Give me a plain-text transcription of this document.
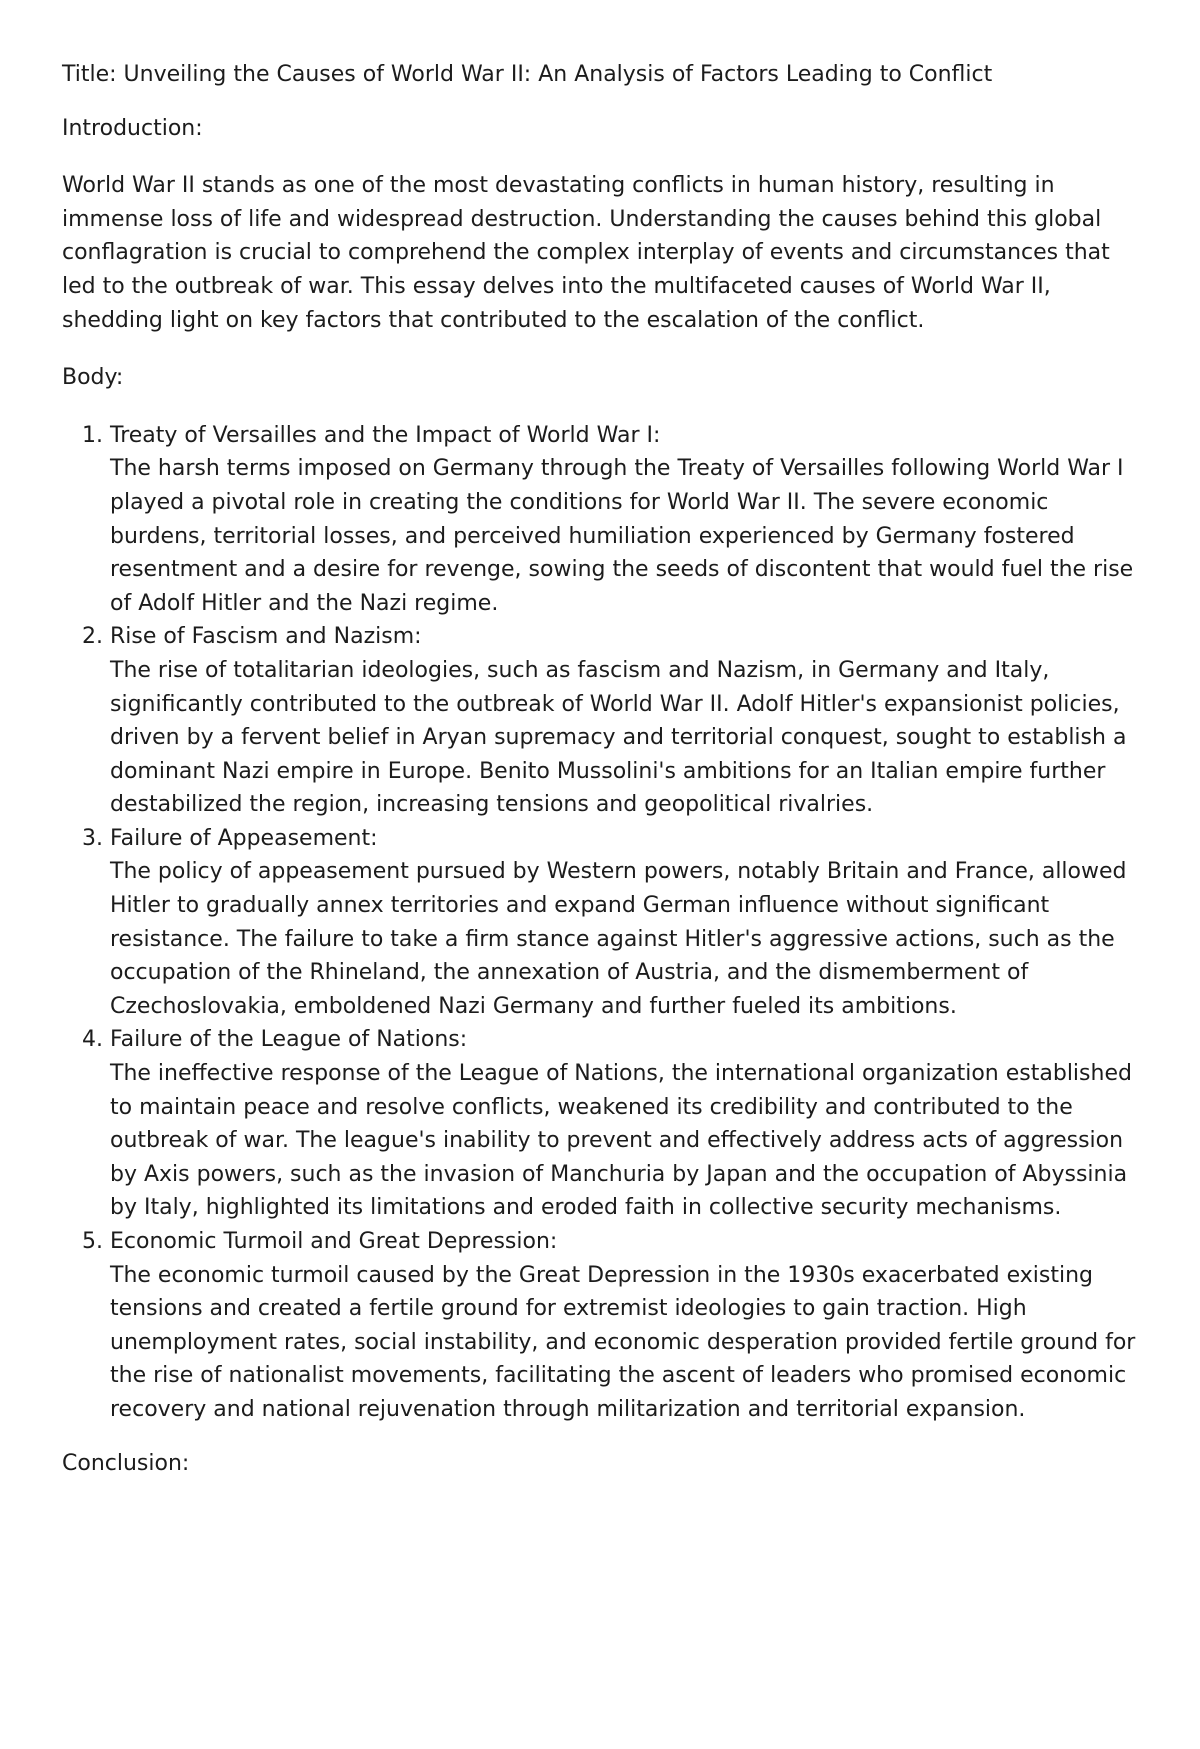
Title: Unveiling the Causes of World War II: An Analysis of Factors Leading to Conflict

Introduction:

World War II stands as one of the most devastating conflicts in human history, resulting in immense loss of life and widespread destruction. Understanding the causes behind this global conflagration is crucial to comprehend the complex interplay of events and circumstances that led to the outbreak of war. This essay delves into the multifaceted causes of World War II, shedding light on key factors that contributed to the escalation of the conflict.

Body:

1. Treaty of Versailles and the Impact of World War I:
The harsh terms imposed on Germany through the Treaty of Versailles following World War I played a pivotal role in creating the conditions for World War II. The severe economic burdens, territorial losses, and perceived humiliation experienced by Germany fostered resentment and a desire for revenge, sowing the seeds of discontent that would fuel the rise of Adolf Hitler and the Nazi regime.
2. Rise of Fascism and Nazism:
The rise of totalitarian ideologies, such as fascism and Nazism, in Germany and Italy, significantly contributed to the outbreak of World War II. Adolf Hitler's expansionist policies, driven by a fervent belief in Aryan supremacy and territorial conquest, sought to establish a dominant Nazi empire in Europe. Benito Mussolini's ambitions for an Italian empire further destabilized the region, increasing tensions and geopolitical rivalries.
3. Failure of Appeasement:
The policy of appeasement pursued by Western powers, notably Britain and France, allowed Hitler to gradually annex territories and expand German influence without significant resistance. The failure to take a firm stance against Hitler's aggressive actions, such as the occupation of the Rhineland, the annexation of Austria, and the dismemberment of Czechoslovakia, emboldened Nazi Germany and further fueled its ambitions.
4. Failure of the League of Nations:
The ineffective response of the League of Nations, the international organization established to maintain peace and resolve conflicts, weakened its credibility and contributed to the outbreak of war. The league's inability to prevent and effectively address acts of aggression by Axis powers, such as the invasion of Manchuria by Japan and the occupation of Abyssinia by Italy, highlighted its limitations and eroded faith in collective security mechanisms.
5. Economic Turmoil and Great Depression:
The economic turmoil caused by the Great Depression in the 1930s exacerbated existing tensions and created a fertile ground for extremist ideologies to gain traction. High unemployment rates, social instability, and economic desperation provided fertile ground for the rise of nationalist movements, facilitating the ascent of leaders who promised economic recovery and national rejuvenation through militarization and territorial expansion.

Conclusion:
